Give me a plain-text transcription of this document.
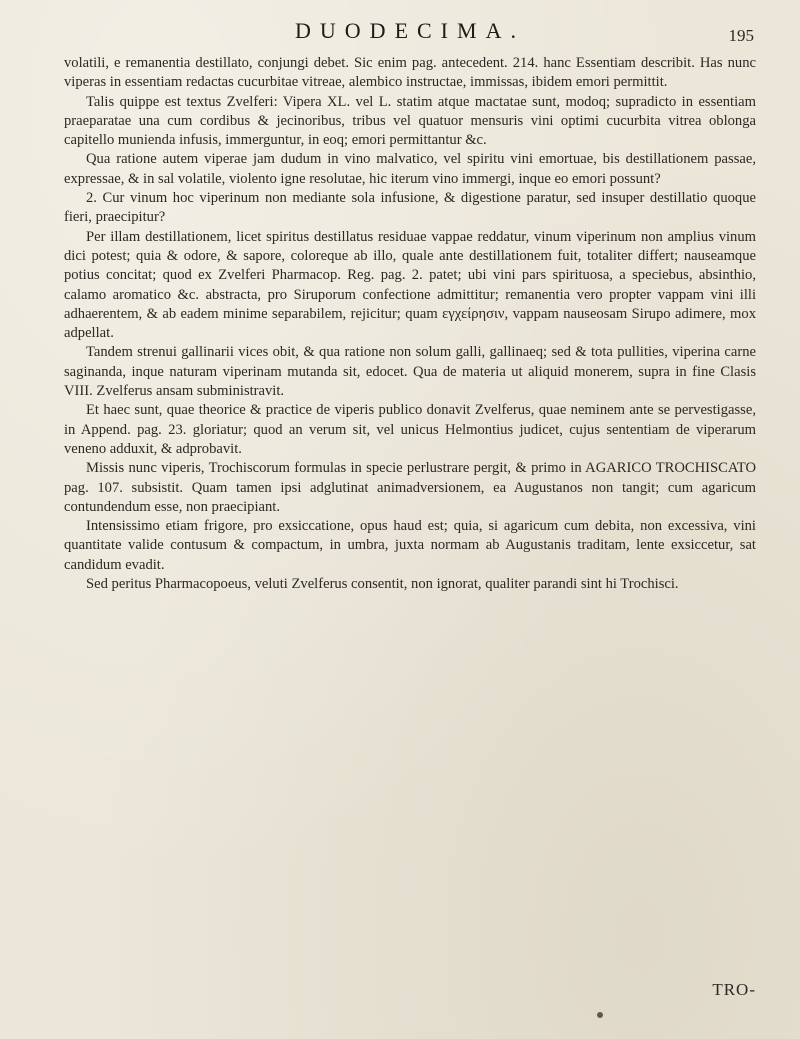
DUODECIMA.	195

volatili, e remanentia destillato, conjungi debet. Sic enim pag. antecedent. 214. hanc Essentiam describit. Has nunc viperas in essentiam redactas cucurbitae vitreae, alembico instructae, immissas, ibidem emori permittit.

Talis quippe est textus Zvelferi: Vipera XL. vel L. statim atque mactatae sunt, modoq; supradicto in essentiam praeparatae una cum cordibus & jecinoribus, tribus vel quatuor mensuris vini optimi cucurbita vitrea oblonga capitello munienda infusis, immerguntur, in eoq; emori permittantur &c.

Qua ratione autem viperae jam dudum in vino malvatico, vel spiritu vini emortuae, bis destillationem passae, expressae, & in sal volatile, violento igne resolutae, hic iterum vino immergi, inque eo emori possunt?

2. Cur vinum hoc viperinum non mediante sola infusione, & digestione paratur, sed insuper destillatio quoque fieri, praecipitur?

Per illam destillationem, licet spiritus destillatus residuae vappae reddatur, vinum viperinum non amplius vinum dici potest; quia & odore, & sapore, coloreque ab illo, quale ante destillationem fuit, totaliter differt; nauseamque potius concitat; quod ex Zvelferi Pharmacop. Reg. pag. 2. patet; ubi vini pars spirituosa, a speciebus, absinthio, calamo aromatico &c. abstracta, pro Siruporum confectione admittitur; remanentia vero propter vappam vini illi adhaerentem, & ab eadem minime separabilem, rejicitur; quam εγχείρησιν, vappam nauseosam Sirupo adimere, mox adpellat.

Tandem strenui gallinarii vices obit, & qua ratione non solum galli, gallinaeq; sed & tota pullities, viperina carne saginanda, inque naturam viperinam mutanda sit, edocet. Qua de materia ut aliquid monerem, supra in fine Clasis VIII. Zvelferus ansam subministravit.

Et haec sunt, quae theorice & practice de viperis publico donavit Zvelferus, quae neminem ante se pervestigasse, in Append. pag. 23. gloriatur; quod an verum sit, vel unicus Helmontius judicet, cujus sententiam de viperarum veneno adduxit, & adprobavit.

Missis nunc viperis, Trochiscorum formulas in specie perlustrare pergit, & primo in AGARICO TROCHISCATO pag. 107. subsistit. Quam tamen ipsi adglutinat animadversionem, ea Augustanos non tangit; cum agaricum contundendum esse, non praecipiant.

Intensissimo etiam frigore, pro exsiccatione, opus haud est; quia, si agaricum cum debita, non excessiva, vini quantitate valide contusum & compactum, in umbra, juxta normam ab Augustanis traditam, lente exsiccetur, sat candidum evadit.

Sed peritus Pharmacopoeus, veluti Zvelferus consentit, non ignorat, qualiter parandi sint hi Trochisci.

TRO-
